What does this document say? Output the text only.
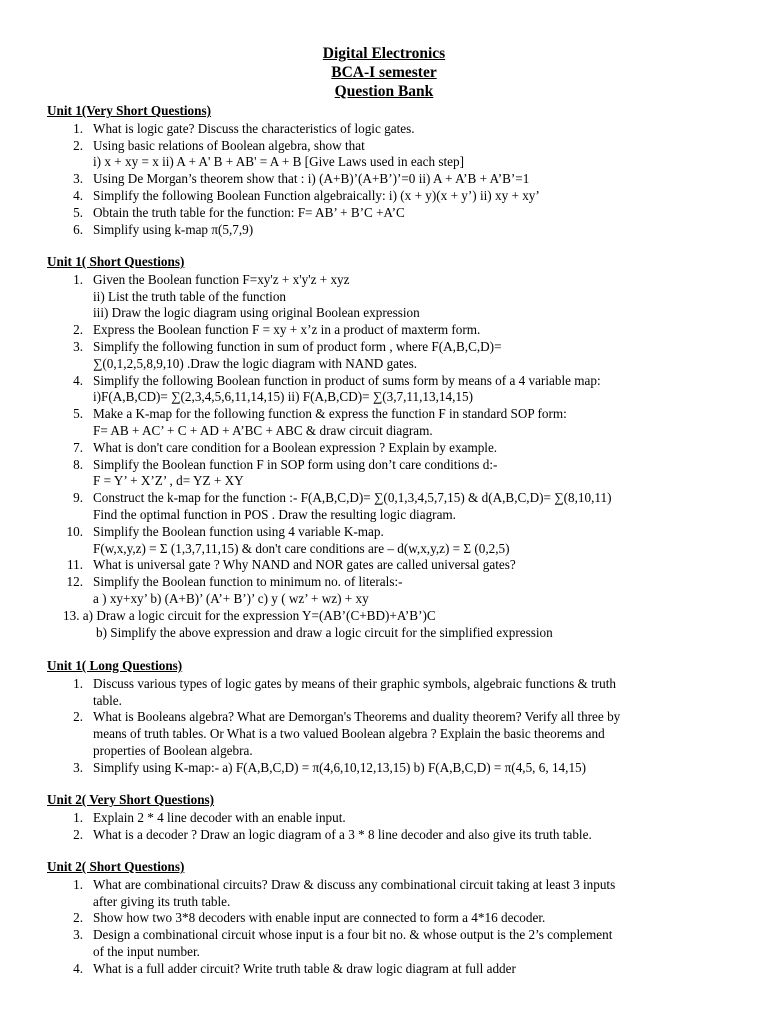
Digital Electronics
BCA-I semester
Question Bank
Unit 1(Very Short Questions)
1. What is logic gate? Discuss the characteristics of logic gates.
2. Using basic relations of Boolean algebra, show that
i) x + xy = x ii) A + A' B + AB' = A + B [Give Laws used in each step]
3. Using De Morgan’s theorem show that : i) (A+B)’(A+B’)’=0 ii) A + A’B + A’B’=1
4. Simplify the following Boolean Function algebraically: i) (x + y)(x + y’) ii) xy + xy’
5. Obtain the truth table for the function: F= AB’ + B’C +A’C
6. Simplify using k-map π(5,7,9)
Unit 1( Short Questions)
1. Given the Boolean function F=xy'z + x'y'z + xyz
ii) List the truth table of the function
iii) Draw the logic diagram using original Boolean expression
2. Express the Boolean function F = xy + x’z in a product of maxterm form.
3. Simplify the following function in sum of product form , where F(A,B,C,D)=
∑(0,1,2,5,8,9,10) .Draw the logic diagram with NAND gates.
4. Simplify the following Boolean function in product of sums form by means of a 4 variable map:
i)F(A,B,CD)= ∑(2,3,4,5,6,11,14,15) ii) F(A,B,CD)= ∑(3,7,11,13,14,15)
5. Make a K-map for the following function & express the function F in standard SOP form:
F= AB + AC’ + C + AD + A’BC + ABC & draw circuit diagram.
7. What is don't care condition for a Boolean expression ? Explain by example.
8. Simplify the Boolean function F in SOP form using don’t care conditions d:-
F = Y’ + X’Z’ , d= YZ + XY
9. Construct the k-map for the function :- F(A,B,C,D)= ∑(0,1,3,4,5,7,15) & d(A,B,C,D)= ∑(8,10,11)
Find the optimal function in POS . Draw the resulting logic diagram.
10. Simplify the Boolean function using 4 variable K-map.
F(w,x,y,z) = Σ (1,3,7,11,15) & don't care conditions are – d(w,x,y,z) = Σ (0,2,5)
11. What is universal gate ? Why NAND and NOR gates are called universal gates?
12. Simplify the Boolean function to minimum no. of literals:-
a ) xy+xy’ b) (A+B)’ (A’+ B’)’ c) y ( wz’ + wz) + xy
13. a) Draw a logic circuit for the expression Y=(AB’(C+BD)+A’B’)C
b) Simplify the above expression and draw a logic circuit for the simplified expression
Unit 1( Long Questions)
1. Discuss various types of logic gates by means of their graphic symbols, algebraic functions & truth
table.
2. What is Booleans algebra? What are Demorgan's Theorems and duality theorem? Verify all three by
means of truth tables. Or What is a two valued Boolean algebra ? Explain the basic theorems and
properties of Boolean algebra.
3. Simplify using K-map:- a) F(A,B,C,D) = π(4,6,10,12,13,15) b) F(A,B,C,D) = π(4,5, 6, 14,15)
Unit 2( Very Short Questions)
1. Explain 2 * 4 line decoder with an enable input.
2. What is a decoder ? Draw an logic diagram of a 3 * 8 line decoder and also give its truth table.
Unit 2( Short Questions)
1. What are combinational circuits? Draw & discuss any combinational circuit taking at least 3 inputs
after giving its truth table.
2. Show how two 3*8 decoders with enable input are connected to form a 4*16 decoder.
3. Design a combinational circuit whose input is a four bit no. & whose output is the 2’s complement
of the input number.
4. What is a full adder circuit? Write truth table & draw logic diagram at full adder
